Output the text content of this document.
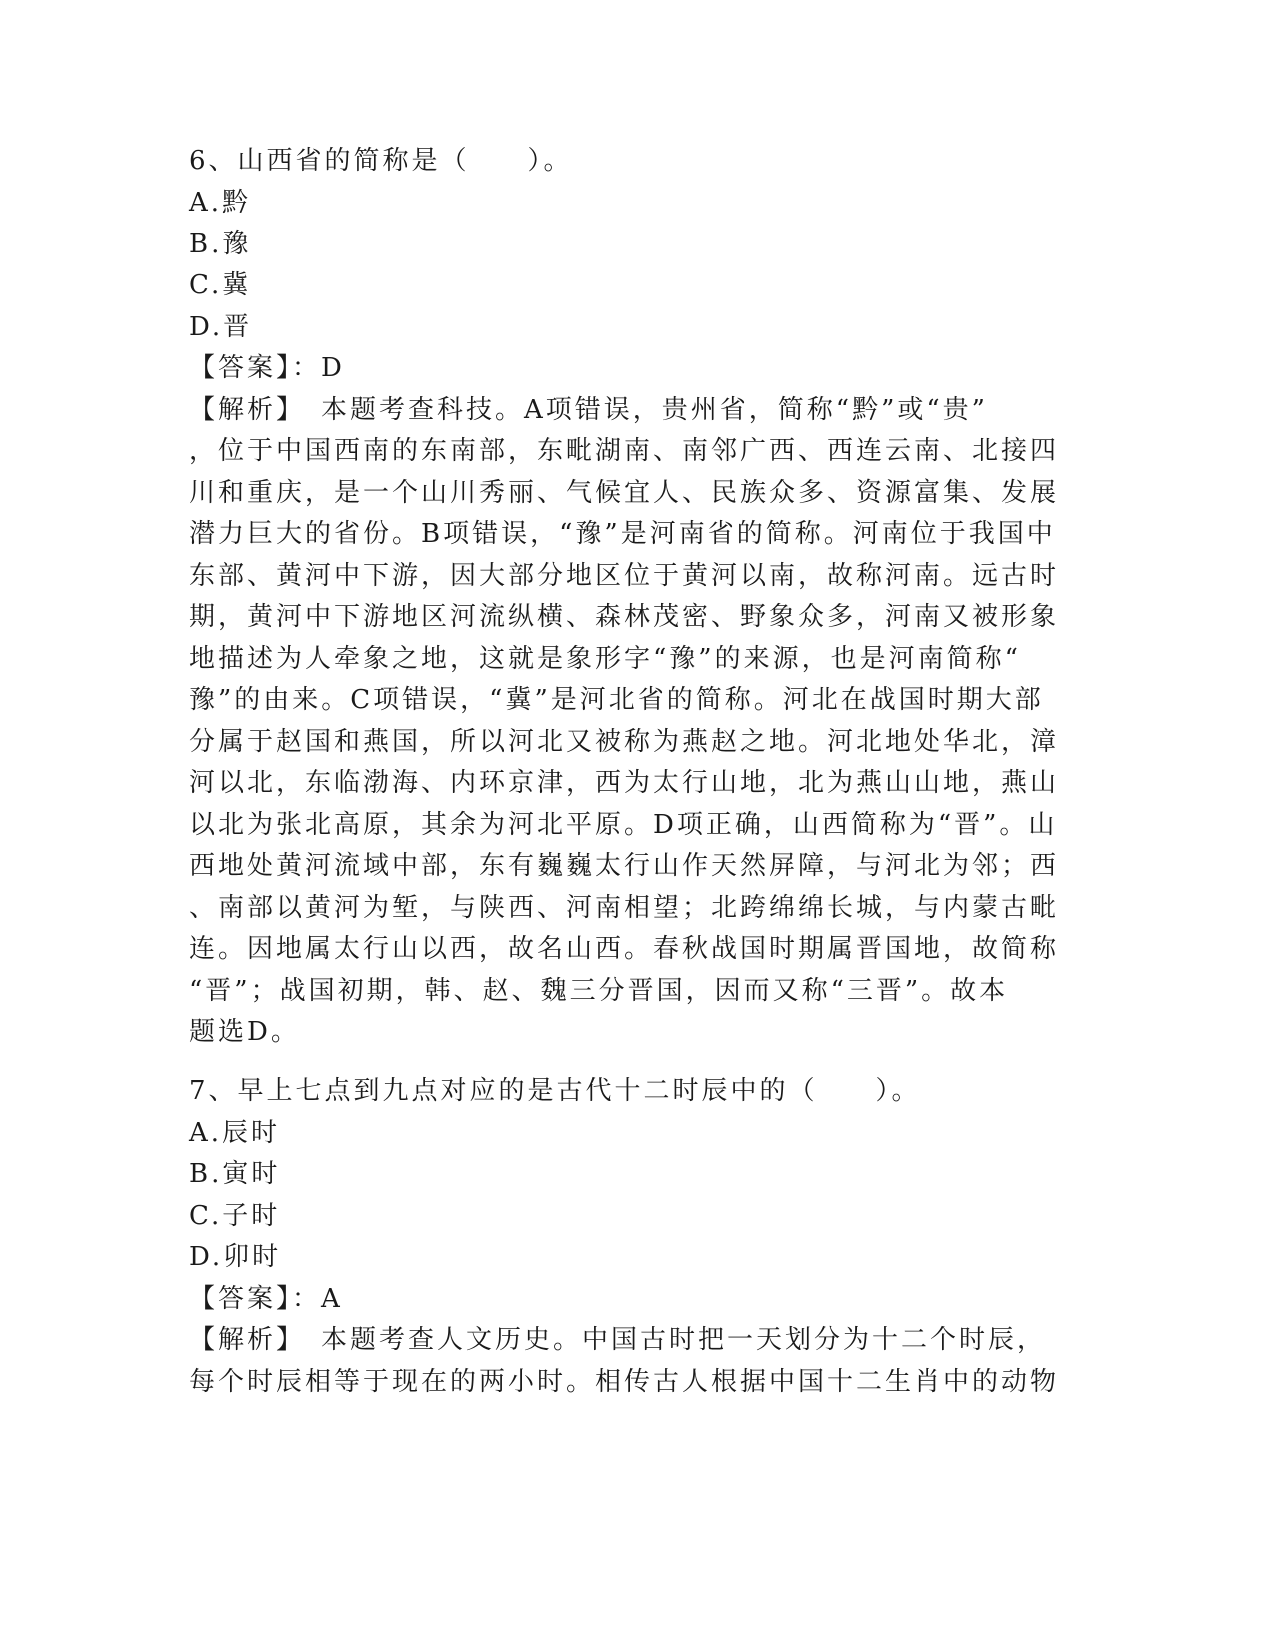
6、山西省的简称是（　　）。
A.黔
B.豫
C.冀
D.晋
【答案】：D
【解析】　本题考查科技。A项错误，贵州省，简称“黔”或“贵”
，位于中国西南的东南部，东毗湖南、南邻广西、西连云南、北接四
川和重庆，是一个山川秀丽、气候宜人、民族众多、资源富集、发展
潜力巨大的省份。B项错误，“豫”是河南省的简称。河南位于我国中
东部、黄河中下游，因大部分地区位于黄河以南，故称河南。远古时
期，黄河中下游地区河流纵横、森林茂密、野象众多，河南又被形象
地描述为人牵象之地，这就是象形字“豫”的来源，也是河南简称“
豫”的由来。C项错误，“冀”是河北省的简称。河北在战国时期大部
分属于赵国和燕国，所以河北又被称为燕赵之地。河北地处华北，漳
河以北，东临渤海、内环京津，西为太行山地，北为燕山山地，燕山
以北为张北高原，其余为河北平原。D项正确，山西简称为“晋”。山
西地处黄河流域中部，东有巍巍太行山作天然屏障，与河北为邻；西
、南部以黄河为堑，与陕西、河南相望；北跨绵绵长城，与内蒙古毗
连。因地属太行山以西，故名山西。春秋战国时期属晋国地，故简称
“晋”；战国初期，韩、赵、魏三分晋国，因而又称“三晋”。故本
题选D。
7、早上七点到九点对应的是古代十二时辰中的（　　）。
A.辰时
B.寅时
C.子时
D.卯时
【答案】：A
【解析】　本题考查人文历史。中国古时把一天划分为十二个时辰，
每个时辰相等于现在的两小时。相传古人根据中国十二生肖中的动物
